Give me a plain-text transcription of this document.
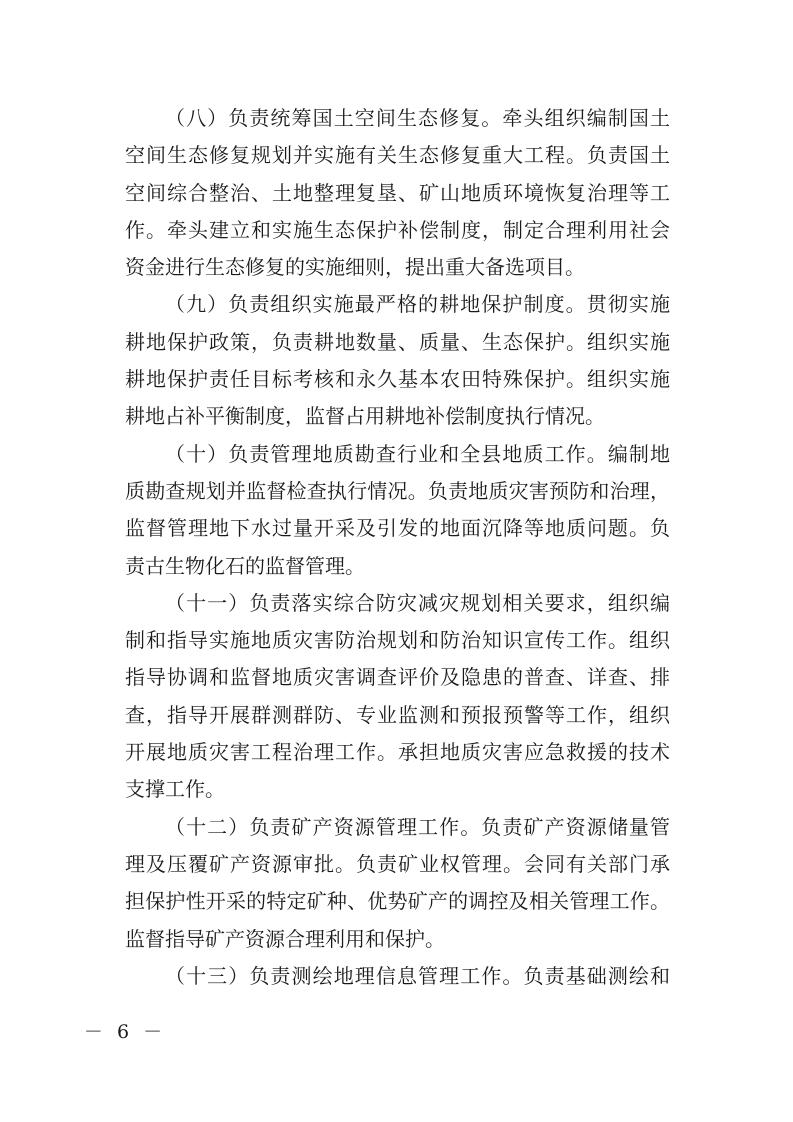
（八）负责统筹国土空间生态修复。牵头组织编制国土
空间生态修复规划并实施有关生态修复重大工程。负责国土
空间综合整治、土地整理复垦、矿山地质环境恢复治理等工
作。牵头建立和实施生态保护补偿制度，制定合理利用社会
资金进行生态修复的实施细则，提出重大备选项目。
（九）负责组织实施最严格的耕地保护制度。贯彻实施
耕地保护政策，负责耕地数量、质量、生态保护。组织实施
耕地保护责任目标考核和永久基本农田特殊保护。组织实施
耕地占补平衡制度，监督占用耕地补偿制度执行情况。
（十）负责管理地质勘查行业和全县地质工作。编制地
质勘查规划并监督检查执行情况。负责地质灾害预防和治理，
监督管理地下水过量开采及引发的地面沉降等地质问题。负
责古生物化石的监督管理。
（十一）负责落实综合防灾减灾规划相关要求，组织编
制和指导实施地质灾害防治规划和防治知识宣传工作。组织
指导协调和监督地质灾害调查评价及隐患的普查、详查、排
查，指导开展群测群防、专业监测和预报预警等工作，组织
开展地质灾害工程治理工作。承担地质灾害应急救援的技术
支撑工作。
（十二）负责矿产资源管理工作。负责矿产资源储量管
理及压覆矿产资源审批。负责矿业权管理。会同有关部门承
担保护性开采的特定矿种、优势矿产的调控及相关管理工作。
监督指导矿产资源合理利用和保护。
（十三）负责测绘地理信息管理工作。负责基础测绘和
－ 6 －
